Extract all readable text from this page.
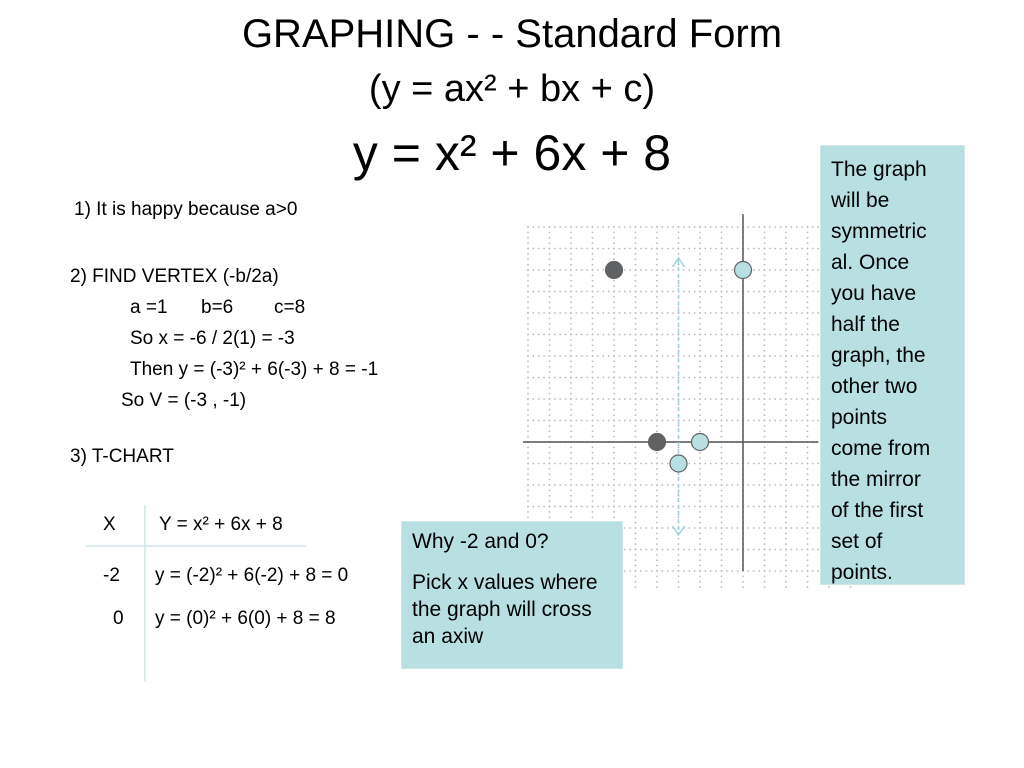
GRAPHING - - Standard Form
(y = ax² + bx + c)
y = x² + 6x + 8
1) It is happy because a>0
2) FIND VERTEX (-b/2a)
a =1 b=6 c=8
So x = -6 / 2(1) = -3
Then y = (-3)² + 6(-3) + 8 = -1
So V = (-3 , -1)
3) T-CHART
X Y = x² + 6x + 8
-2 y = (-2)² + 6(-2) + 8 = 0
0 y = (0)² + 6(0) + 8 = 8
The graph
will be
symmetric
al. Once
you have
half the
graph, the
other two
points
come from
the mirror
of the first
set of
points.

Why -2 and 0?

Pick x values where the graph will cross an axiw
